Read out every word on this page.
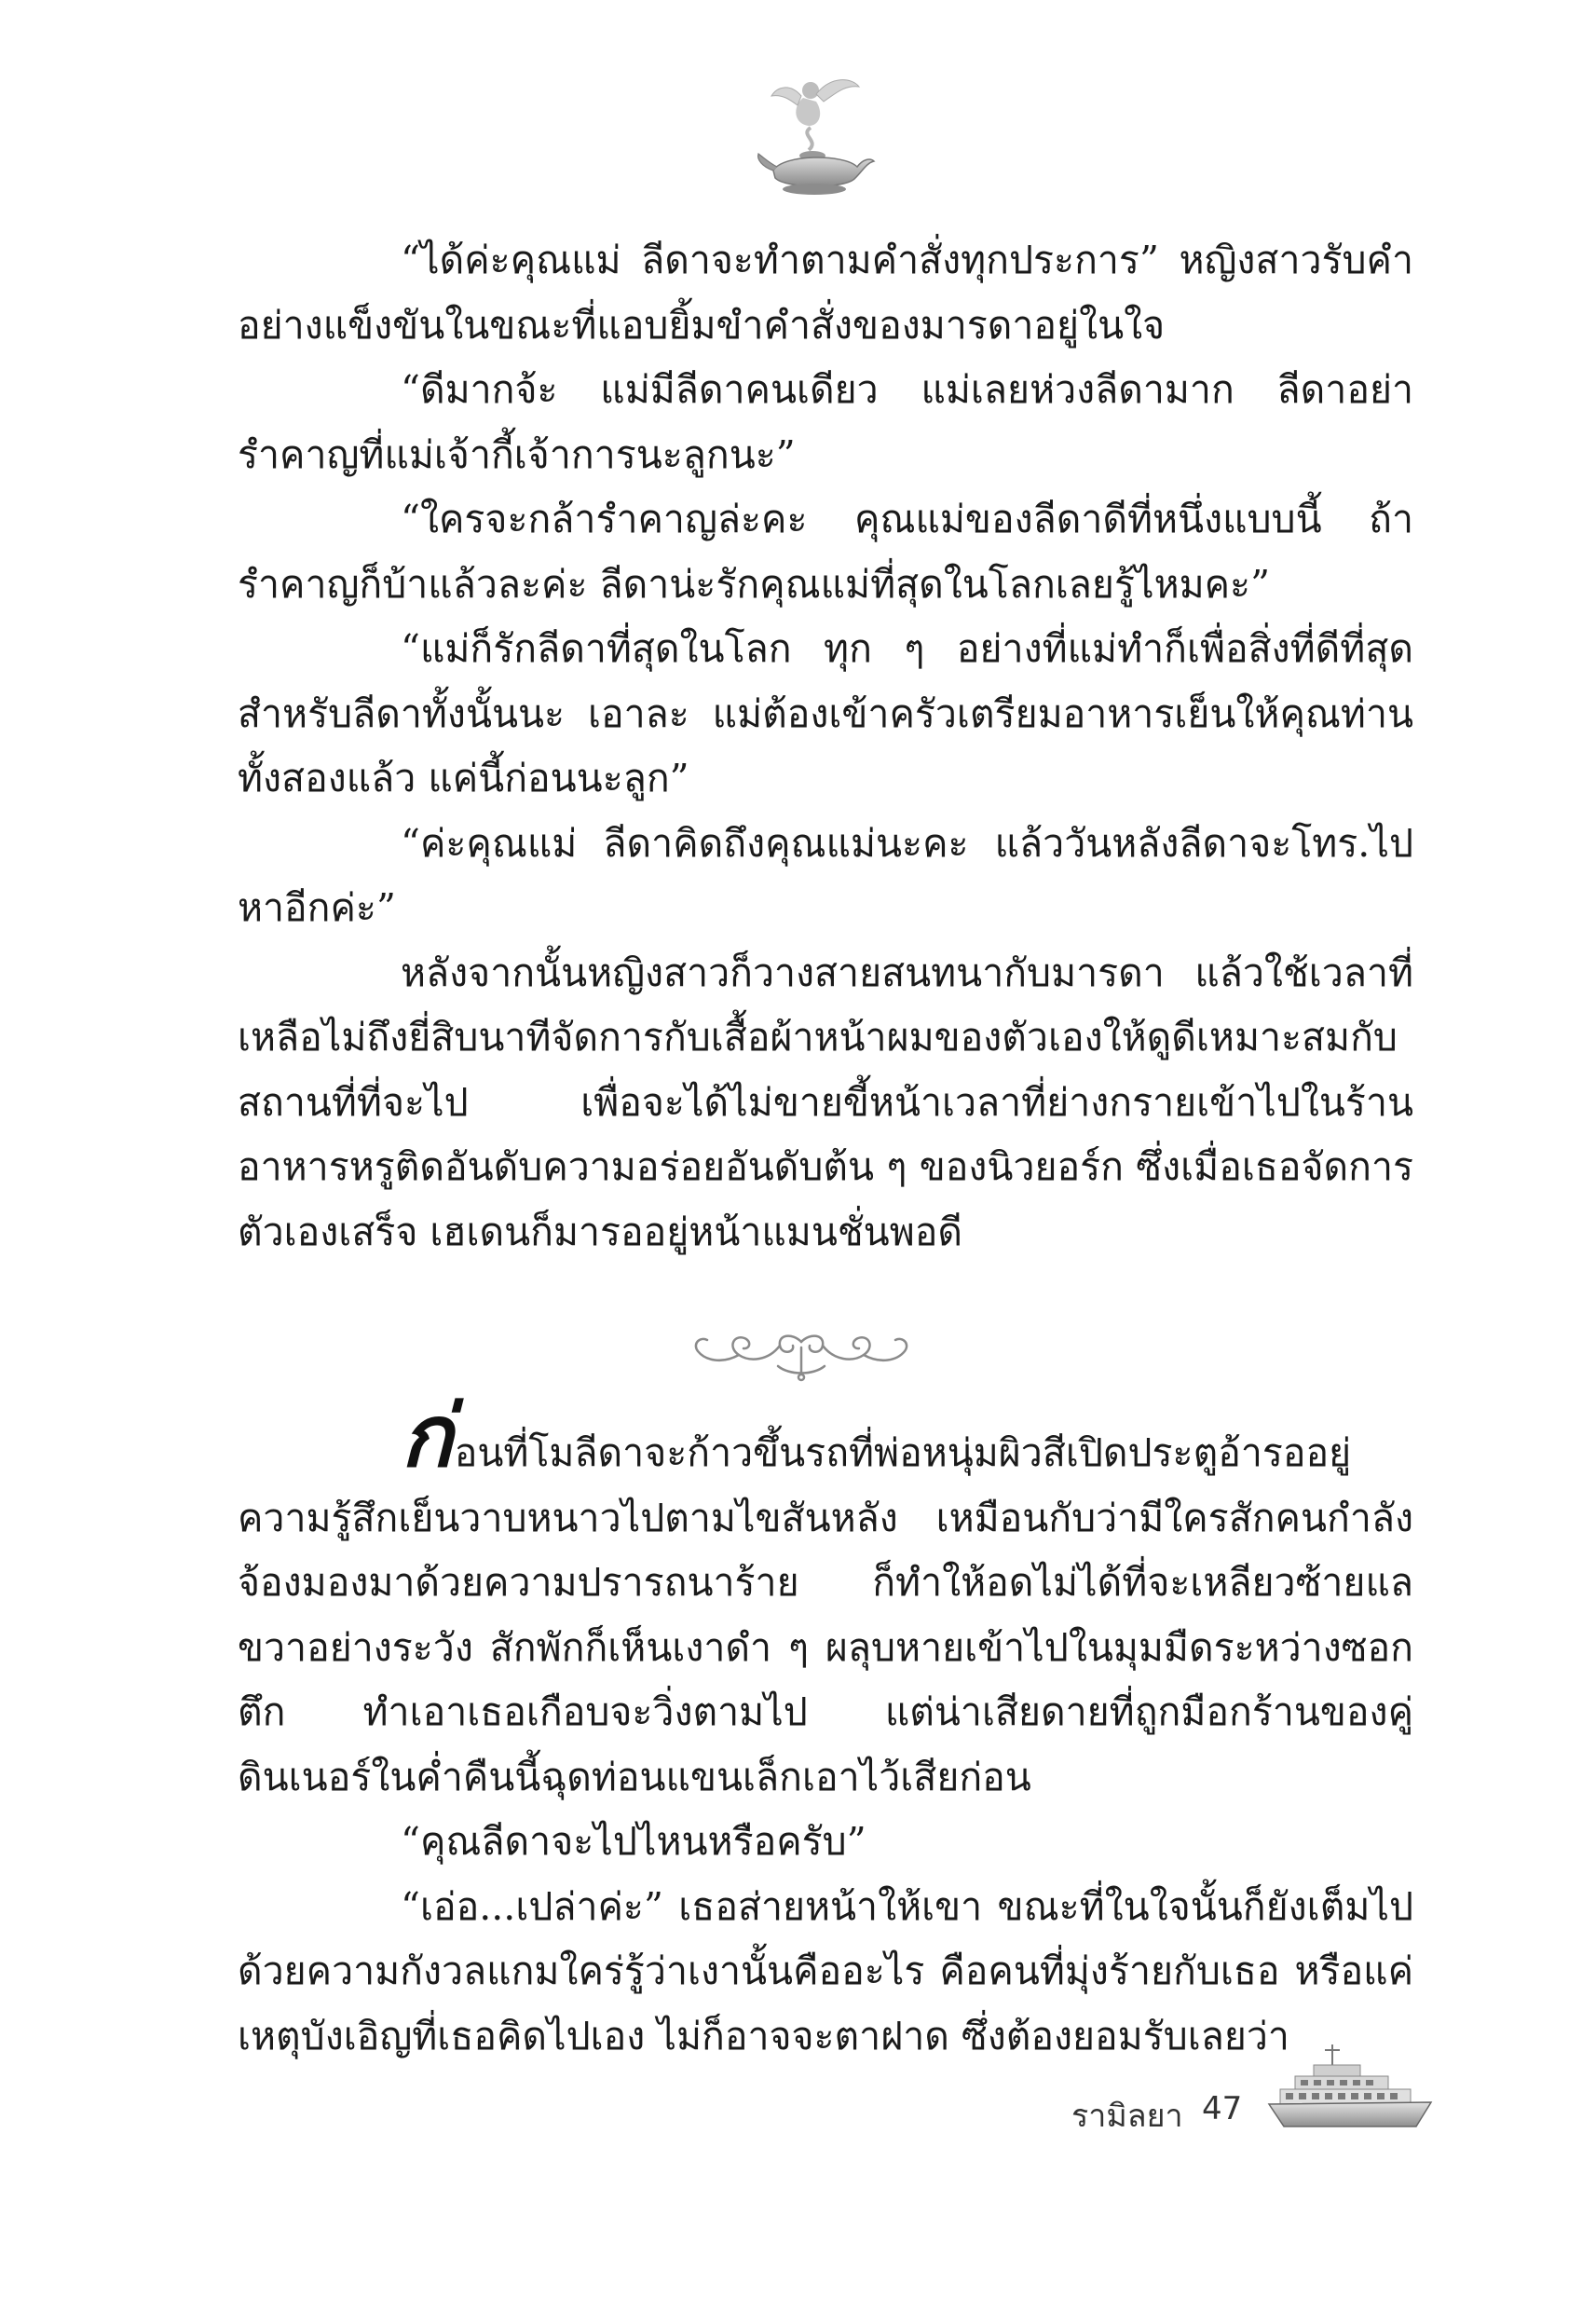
“ได้ค่ะคุณแม่ ลีดาจะทำตามคำสั่งทุกประการ” หญิงสาวรับคำอย่างแข็งขันในขณะที่แอบยิ้มขำคำสั่งของมารดาอยู่ในใจ

“ดีมากจ้ะ แม่มีลีดาคนเดียว แม่เลยห่วงลีดามาก ลีดาอย่ารำคาญที่แม่เจ้ากี้เจ้าการนะลูกนะ”

“ใครจะกล้ารำคาญล่ะคะ คุณแม่ของลีดาดีที่หนึ่งแบบนี้ ถ้ารำคาญก็บ้าแล้วละค่ะ ลีดาน่ะรักคุณแม่ที่สุดในโลกเลยรู้ไหมคะ”

“แม่ก็รักลีดาที่สุดในโลก ทุก ๆ อย่างที่แม่ทำก็เพื่อสิ่งที่ดีที่สุดสำหรับลีดาทั้งนั้นนะ เอาละ แม่ต้องเข้าครัวเตรียมอาหารเย็นให้คุณท่านทั้งสองแล้ว แค่นี้ก่อนนะลูก”

“ค่ะคุณแม่ ลีดาคิดถึงคุณแม่นะคะ แล้ววันหลังลีดาจะโทร.ไปหาอีกค่ะ”

หลังจากนั้นหญิงสาวก็วางสายสนทนากับมารดา แล้วใช้เวลาที่เหลือไม่ถึงยี่สิบนาทีจัดการกับเสื้อผ้าหน้าผมของตัวเองให้ดูดีเหมาะสมกับสถานที่ที่จะไป เพื่อจะได้ไม่ขายขี้หน้าเวลาที่ย่างกรายเข้าไปในร้านอาหารหรูติดอันดับความอร่อยอันดับต้น ๆ ของนิวยอร์ก ซึ่งเมื่อเธอจัดการตัวเองเสร็จ เฮเดนก็มารออยู่หน้าแมนชั่นพอดี

ก่อนที่โมลีดาจะก้าวขึ้นรถที่พ่อหนุ่มผิวสีเปิดประตูอ้ารออยู่ ความรู้สึกเย็นวาบหนาวไปตามไขสันหลัง เหมือนกับว่ามีใครสักคนกำลังจ้องมองมาด้วยความปรารถนาร้าย ก็ทำให้อดไม่ได้ที่จะเหลียวซ้ายแลขวาอย่างระวัง สักพักก็เห็นเงาดำ ๆ ผลุบหายเข้าไปในมุมมืดระหว่างซอกตึก ทำเอาเธอเกือบจะวิ่งตามไป แต่น่าเสียดายที่ถูกมือกร้านของคู่ดินเนอร์ในค่ำคืนนี้ฉุดท่อนแขนเล็กเอาไว้เสียก่อน

“คุณลีดาจะไปไหนหรือครับ”

“เอ่อ...เปล่าค่ะ” เธอส่ายหน้าให้เขา ขณะที่ในใจนั้นก็ยังเต็มไปด้วยความกังวลแกมใคร่รู้ว่าเงานั้นคืออะไร คือคนที่มุ่งร้ายกับเธอ หรือแค่เหตุบังเอิญที่เธอคิดไปเอง ไม่ก็อาจจะตาฝาด ซึ่งต้องยอมรับเลยว่า

รามิลยา 47
